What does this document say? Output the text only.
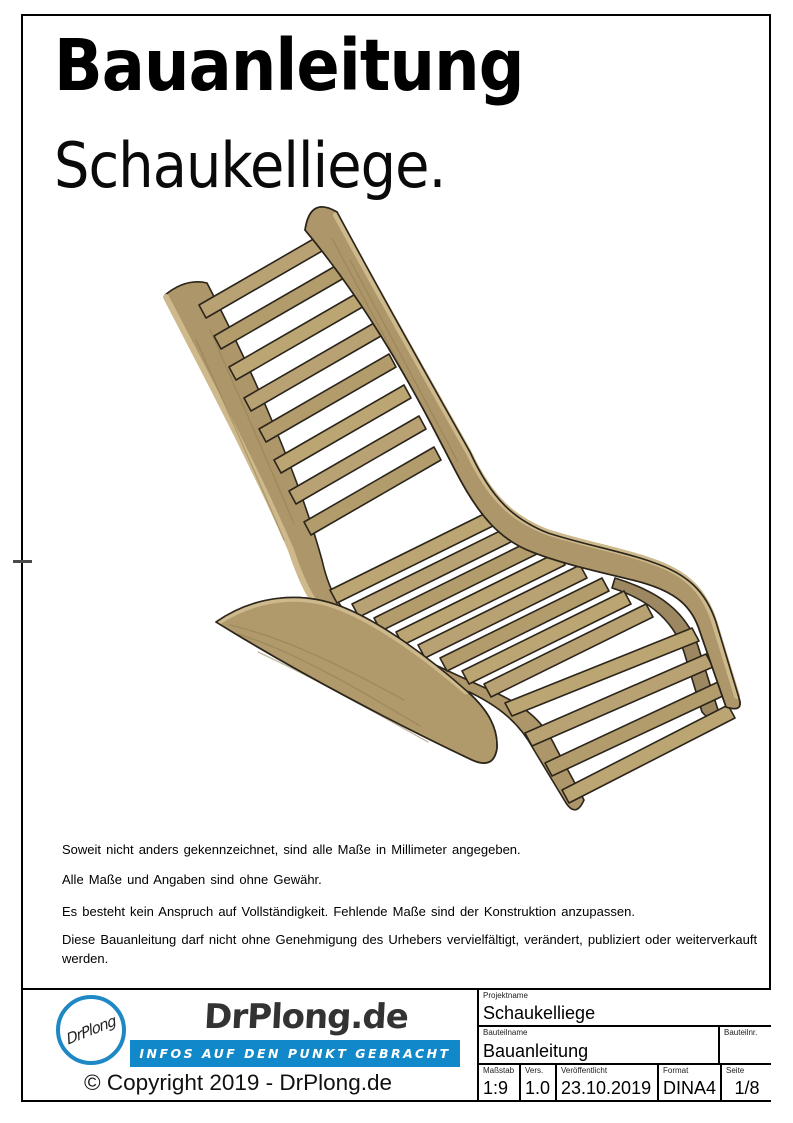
Bauanleitung
Schaukelliege.
Soweit nicht anders gekennzeichnet, sind alle Maße in Millimeter angegeben.
Alle Maße und Angaben sind ohne Gewähr.
Es besteht kein Anspruch auf Vollständigkeit. Fehlende Maße sind der Konstruktion anzupassen.
Diese Bauanleitung darf nicht ohne Genehmigung des Urhebers vervielfältigt, verändert, publiziert oder weiterverkauft werden.
DrPlong	DrPlong.de
INFOS AUF DEN PUNKT GEBRACHT
© Copyright 2019 - DrPlong.de
Projektname
Schaukelliege
Bauteilname
Bauanleitung
Bauteilnr.
Maßstab
1:9
Vers.
1.0
Veröffentlicht
23.10.2019
Format
DINA4
Seite
1/8
